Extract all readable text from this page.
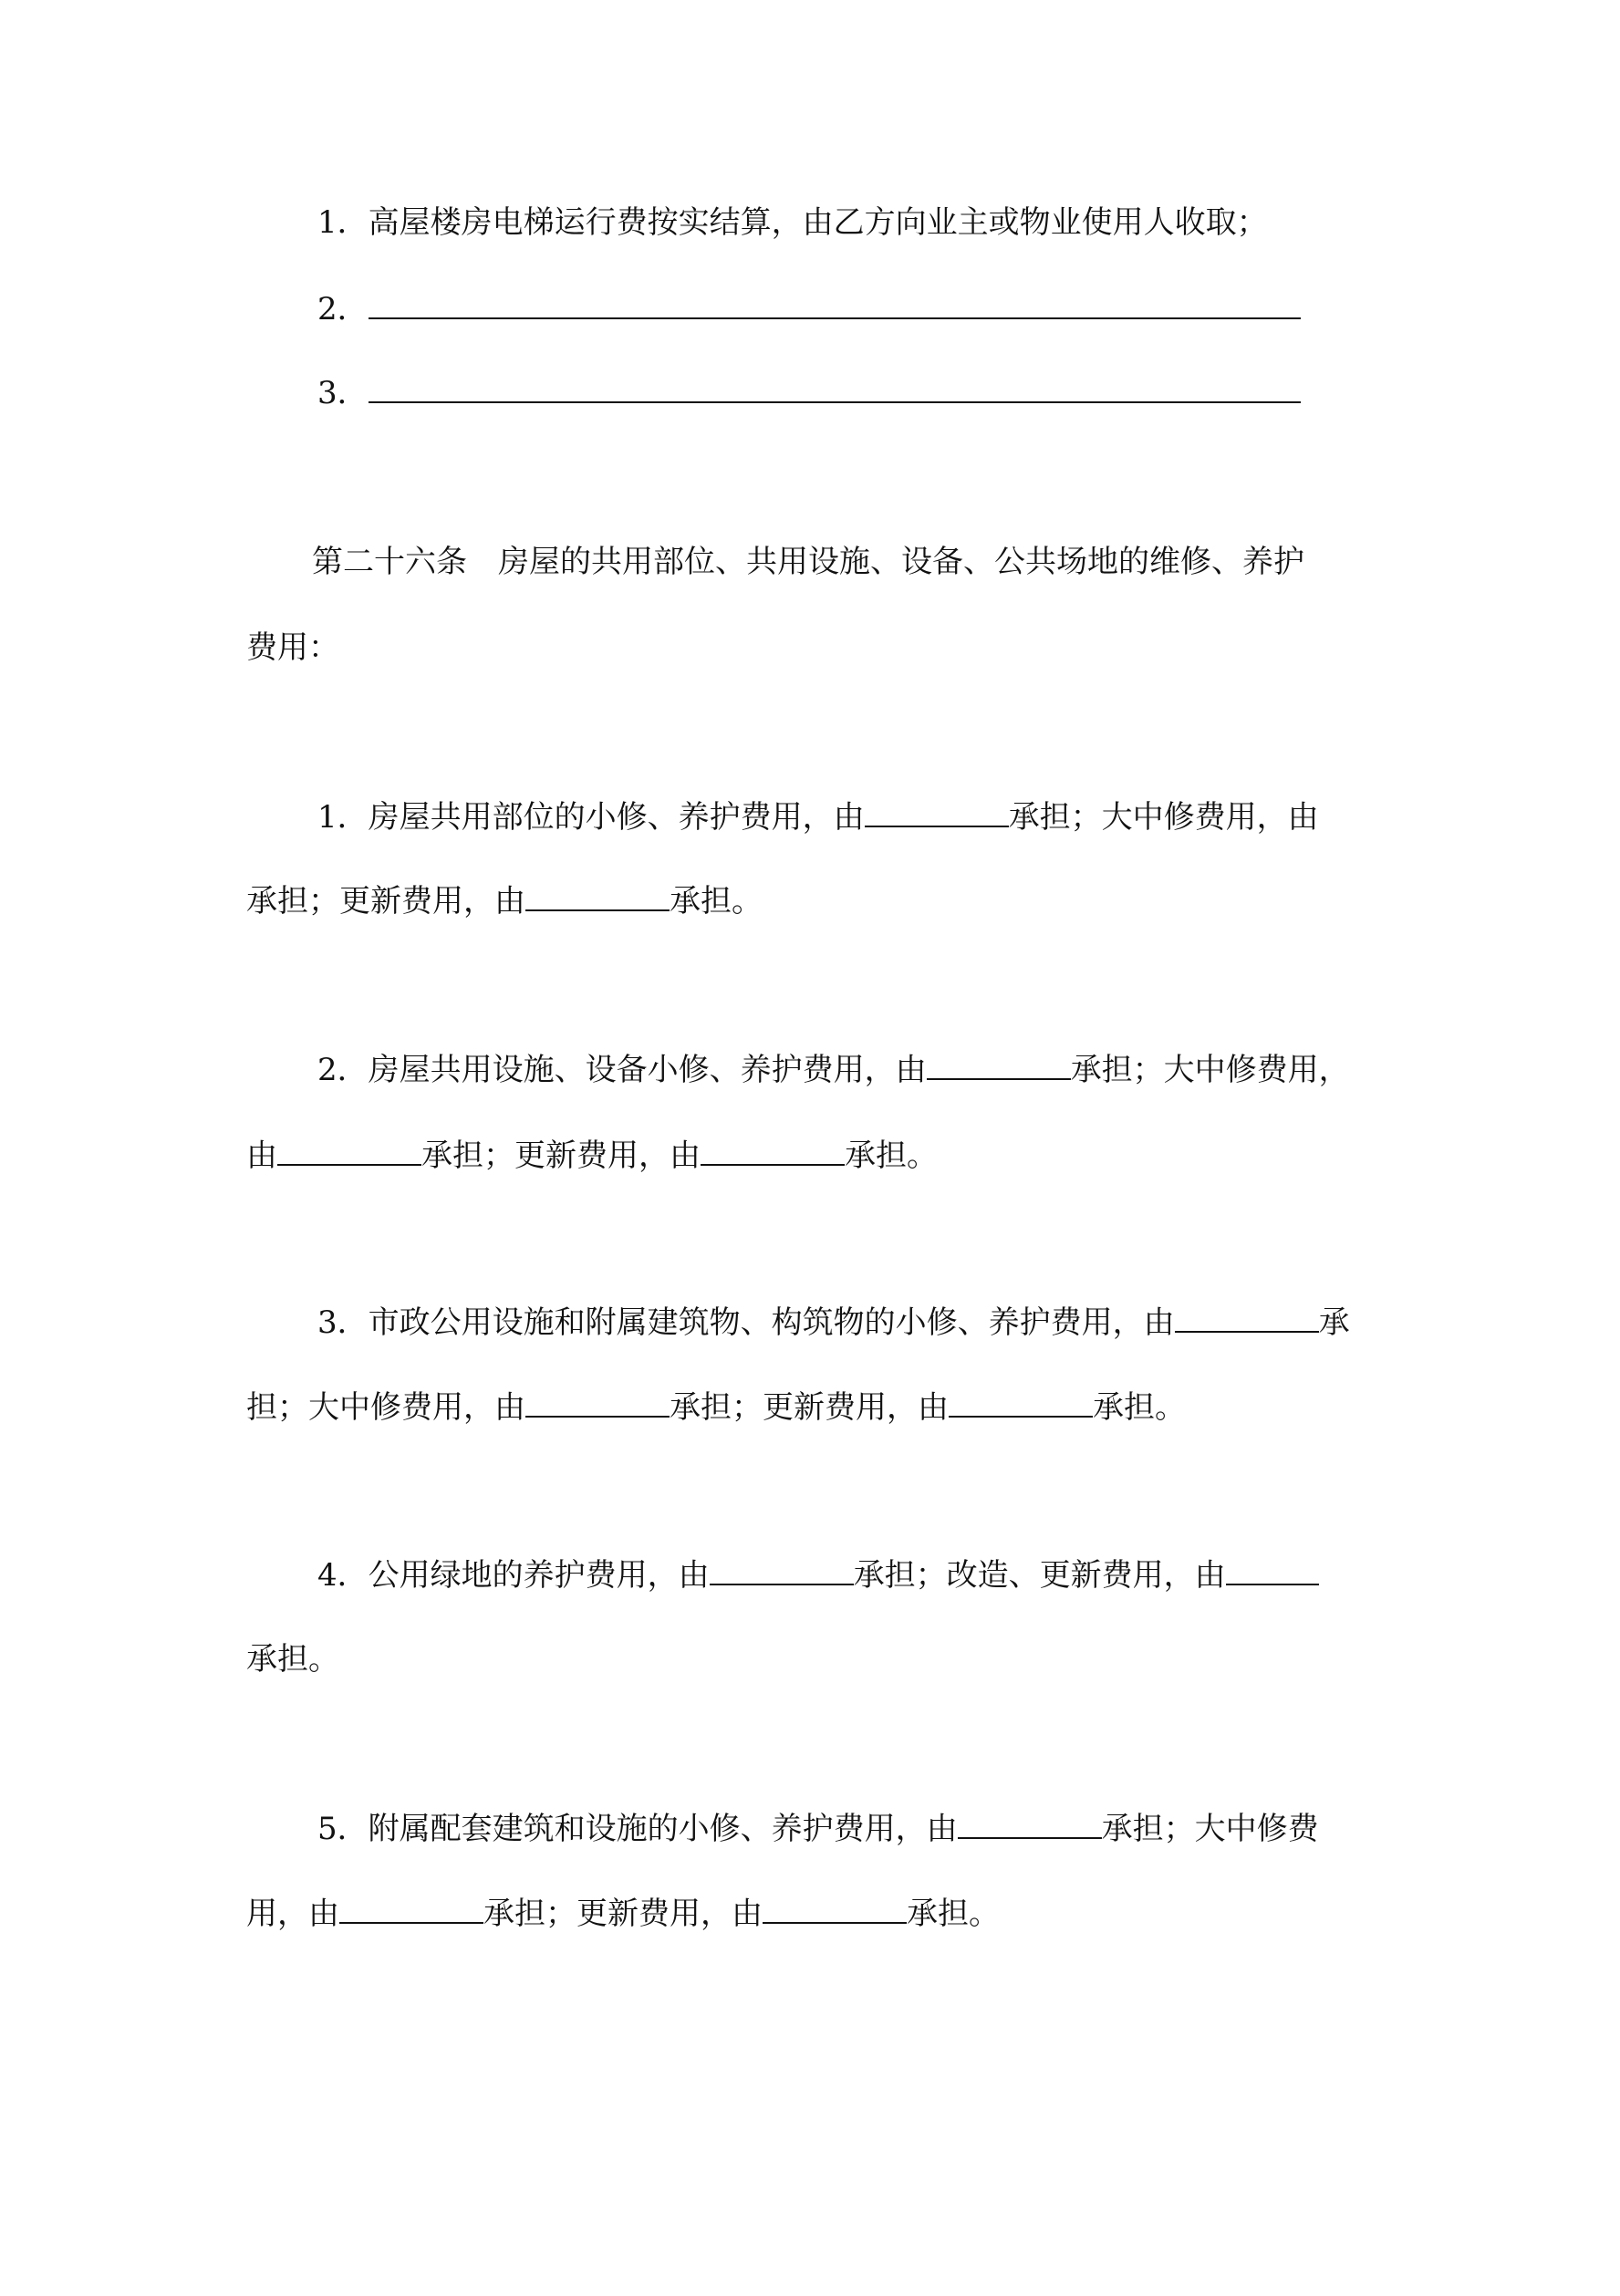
1．高屋楼房电梯运行费按实结算，由乙方向业主或物业使用人收取；

2．

3．

第二十六条　房屋的共用部位、共用设施、设备、公共场地的维修、养护

费用：

1．房屋共用部位的小修、养护费用，由	承担；大中修费用，由

承担；更新费用，由	承担。

2．房屋共用设施、设备小修、养护费用，由	承担；大中修费用，

由	承担；更新费用，由	承担。

3．市政公用设施和附属建筑物、构筑物的小修、养护费用，由	承

担；大中修费用，由	承担；更新费用，由	承担。

4．公用绿地的养护费用，由	承担；改造、更新费用，由

承担。

5．附属配套建筑和设施的小修、养护费用，由	承担；大中修费

用，由	承担；更新费用，由	承担。
